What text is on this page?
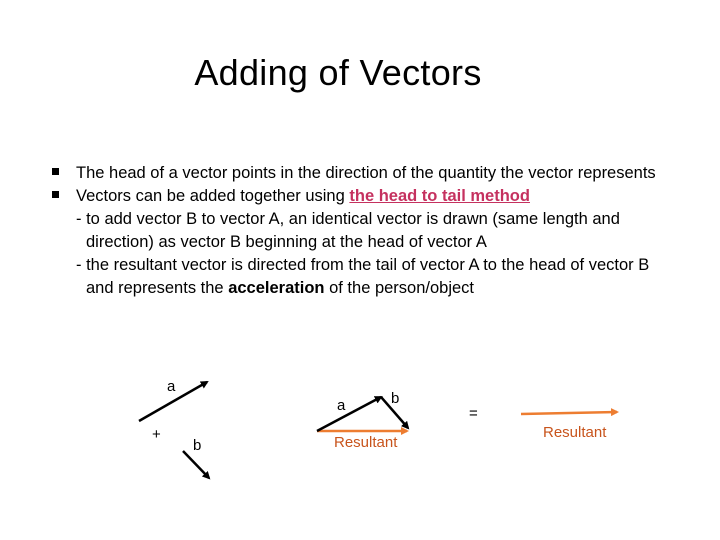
Adding of Vectors
The head of a vector points in the direction of the quantity the vector represents
Vectors can be added together using the head to tail method
- to add vector B to vector A, an identical vector is drawn (same length and direction) as vector B beginning at the head of vector A
- the resultant vector is directed from the tail of vector A to the head of vector B and represents the acceleration of the person/object
a
+
b
a	b
Resultant
=
Resultant
